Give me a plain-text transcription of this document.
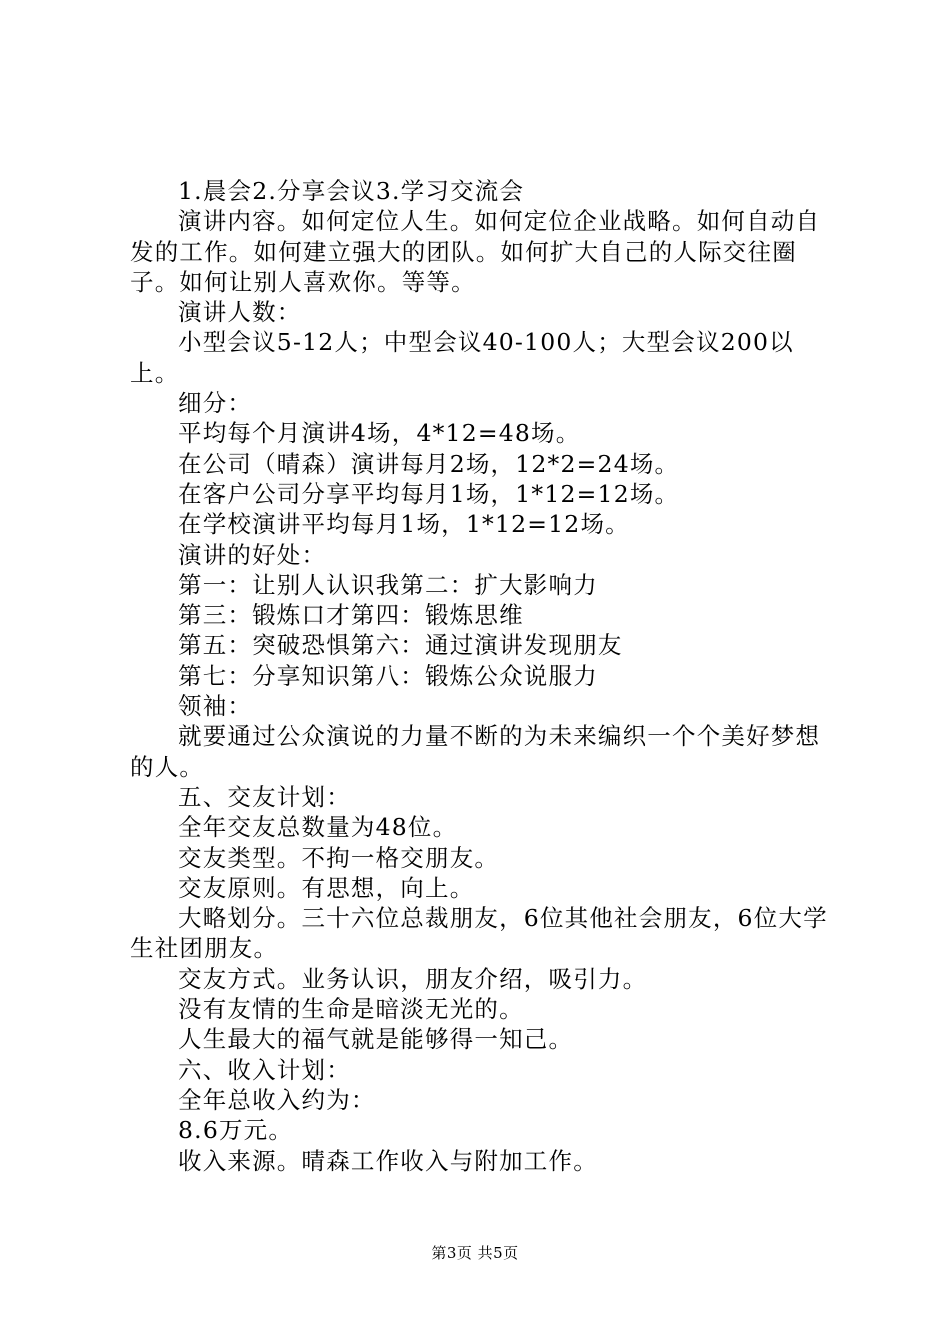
1.晨会2.分享会议3.学习交流会

演讲内容。如何定位人生。如何定位企业战略。如何自动自发的工作。如何建立强大的团队。如何扩大自己的人际交往圈子。如何让别人喜欢你。等等。

演讲人数：

小型会议5-12人；中型会议40-100人；大型会议200以上。

细分：

平均每个月演讲4场，4*12=48场。

在公司（晴森）演讲每月2场，12*2=24场。

在客户公司分享平均每月1场，1*12=12场。

在学校演讲平均每月1场，1*12=12场。

演讲的好处：

第一：让别人认识我第二：扩大影响力

第三：锻炼口才第四：锻炼思维

第五：突破恐惧第六：通过演讲发现朋友

第七：分享知识第八：锻炼公众说服力

领袖：

就要通过公众演说的力量不断的为未来编织一个个美好梦想的人。

五、交友计划：

全年交友总数量为48位。

交友类型。不拘一格交朋友。

交友原则。有思想，向上。

大略划分。三十六位总裁朋友，6位其他社会朋友，6位大学生社团朋友。

交友方式。业务认识，朋友介绍，吸引力。

没有友情的生命是暗淡无光的。

人生最大的福气就是能够得一知己。

六、收入计划：

全年总收入约为：

8.6万元。

收入来源。晴森工作收入与附加工作。

第3页 共5页
